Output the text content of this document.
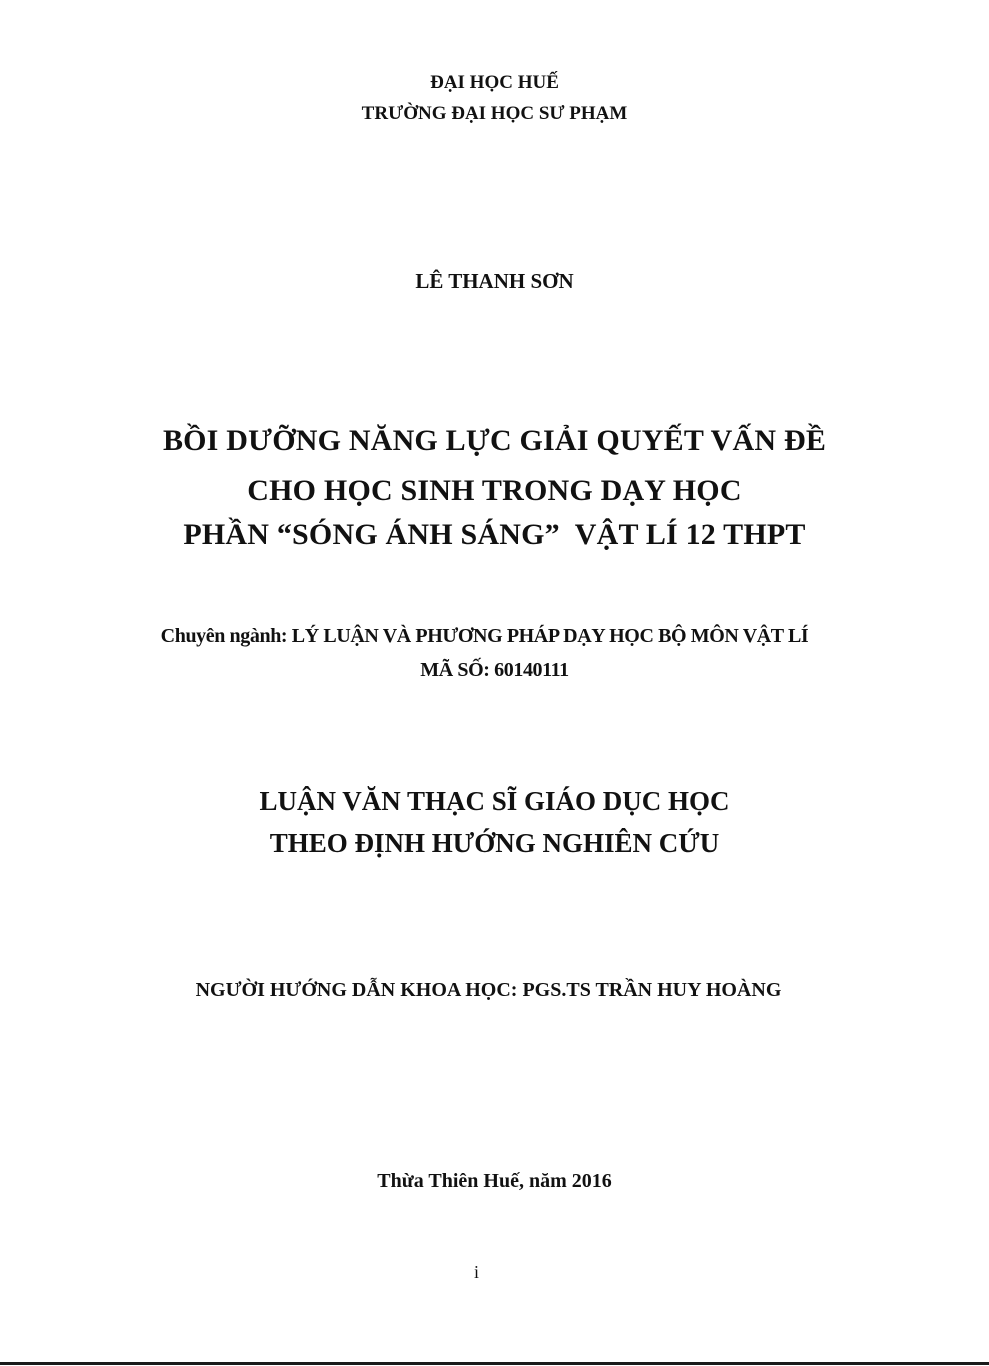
ĐẠI HỌC HUẾ
TRƯỜNG ĐẠI HỌC SƯ PHẠM
LÊ THANH SƠN
BỒI DƯỠNG NĂNG LỰC GIẢI QUYẾT VẤN ĐỀ
CHO HỌC SINH TRONG DẠY HỌC
PHẦN “SÓNG ÁNH SÁNG”  VẬT LÍ 12 THPT
Chuyên ngành: LÝ LUẬN VÀ PHƯƠNG PHÁP DẠY HỌC BỘ MÔN VẬT LÍ
MÃ SỐ: 60140111
LUẬN VĂN THẠC SĨ GIÁO DỤC HỌC
THEO ĐỊNH HƯỚNG NGHIÊN CỨU
NGƯỜI HƯỚNG DẪN KHOA HỌC: PGS.TS TRẦN HUY HOÀNG
Thừa Thiên Huế, năm 2016
i
